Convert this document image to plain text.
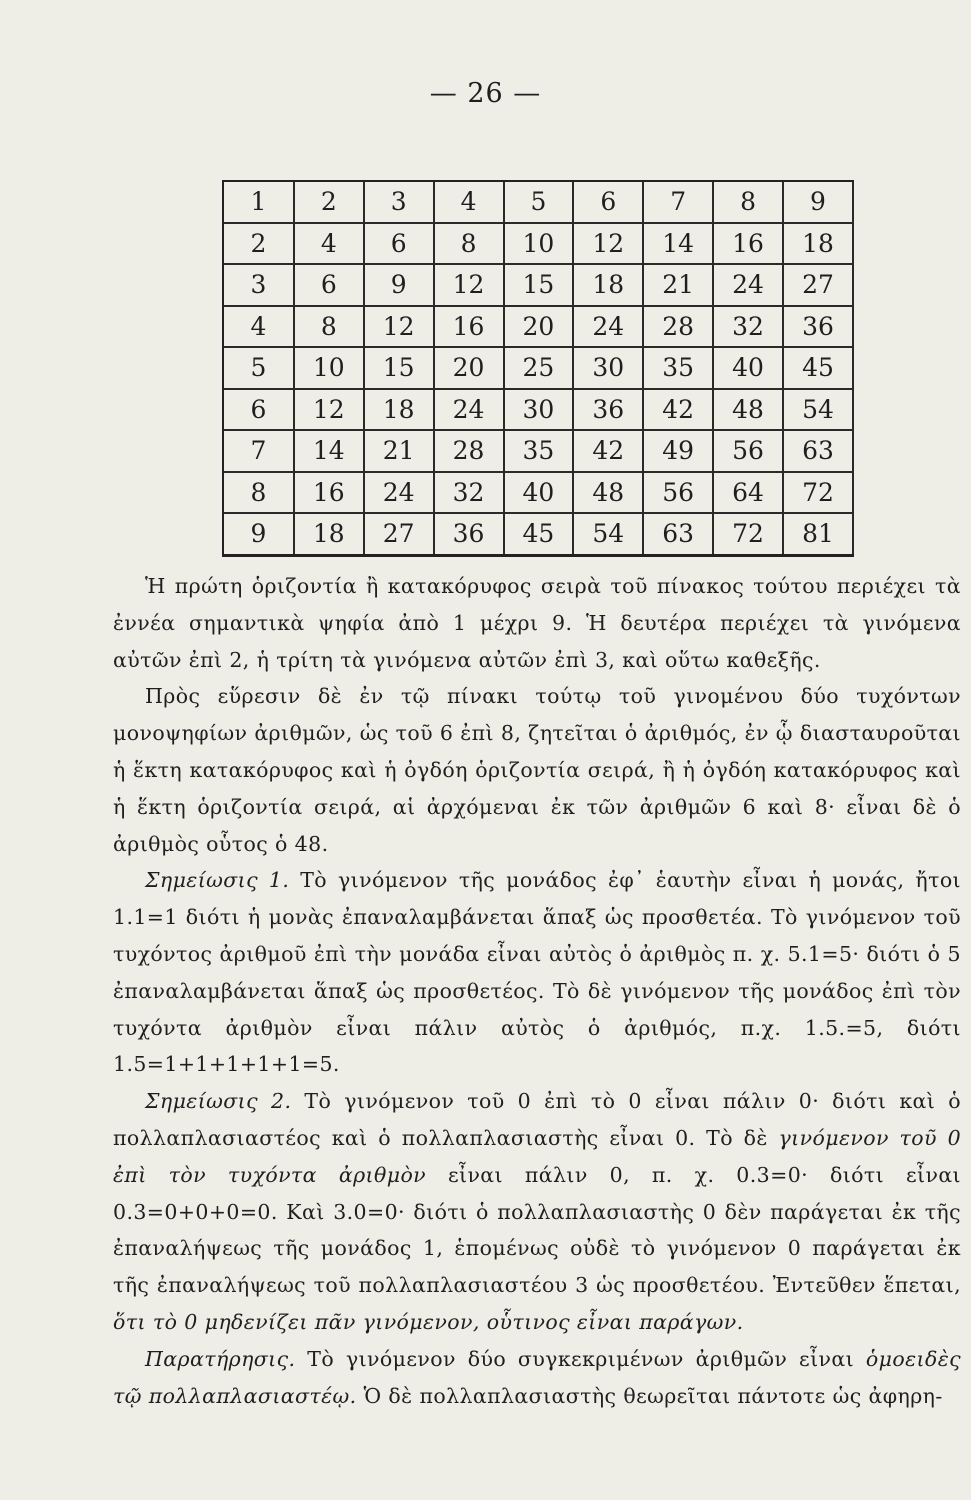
— 26 —
1	2	3	4	5	6	7	8	9
2	4	6	8	10	12	14	16	18
3	6	9	12	15	18	21	24	27
4	8	12	16	20	24	28	32	36
5	10	15	20	25	30	35	40	45
6	12	18	24	30	36	42	48	54
7	14	21	28	35	42	49	56	63
8	16	24	32	40	48	56	64	72
9	18	27	36	45	54	63	72	81

Ἡ πρώτη ὁριζοντία ἢ κατακόρυφος σειρὰ τοῦ πίνακος τούτου περιέχει τὰ ἐννέα σημαντικὰ ψηφία ἀπὸ 1 μέχρι 9. Ἡ δευτέρα περιέχει τὰ γινόμενα αὐτῶν ἐπὶ 2, ἡ τρίτη τὰ γινόμενα αὐτῶν ἐπὶ 3, καὶ οὕτω καθεξῆς.

Πρὸς εὕρεσιν δὲ ἐν τῷ πίνακι τούτῳ τοῦ γινομένου δύο τυχόντων μονοψηφίων ἀριθμῶν, ὡς τοῦ 6 ἐπὶ 8, ζητεῖται ὁ ἀριθμός, ἐν ᾧ διασταυροῦται ἡ ἕκτη κατακόρυφος καὶ ἡ ὀγδόη ὁριζοντία σειρά, ἢ ἡ ὀγδόη κατακόρυφος καὶ ἡ ἕκτη ὁριζοντία σειρά, αἱ ἀρχόμεναι ἐκ τῶν ἀριθμῶν 6 καὶ 8· εἶναι δὲ ὁ ἀριθμὸς οὗτος ὁ 48.

Σημείωσις 1. Τὸ γινόμενον τῆς μονάδος ἐφ᾽ ἑαυτὴν εἶναι ἡ μονάς, ἤτοι 1.1=1 διότι ἡ μονὰς ἐπαναλαμβάνεται ἅπαξ ὡς προσθετέα. Τὸ γινόμενον τοῦ τυχόντος ἀριθμοῦ ἐπὶ τὴν μονάδα εἶναι αὐτὸς ὁ ἀριθμὸς π. χ. 5.1=5· διότι ὁ 5 ἐπαναλαμβάνεται ἅπαξ ὡς προσθετέος. Τὸ δὲ γινόμενον τῆς μονάδος ἐπὶ τὸν τυχόντα ἀριθμὸν εἶναι πάλιν αὐτὸς ὁ ἀριθμός, π.χ. 1.5.=5, διότι 1.5=1+1+1+1+1=5.

Σημείωσις 2. Τὸ γινόμενον τοῦ 0 ἐπὶ τὸ 0 εἶναι πάλιν 0· διότι καὶ ὁ πολλαπλασιαστέος καὶ ὁ πολλαπλασιαστὴς εἶναι 0. Τὸ δὲ γινόμενον τοῦ 0 ἐπὶ τὸν τυχόντα ἀριθμὸν εἶναι πάλιν 0, π. χ. 0.3=0· διότι εἶναι 0.3=0+0+0=0. Καὶ 3.0=0· διότι ὁ πολλαπλασιαστὴς 0 δὲν παράγεται ἐκ τῆς ἐπαναλήψεως τῆς μονάδος 1, ἑπομένως οὐδὲ τὸ γινόμενον 0 παράγεται ἐκ τῆς ἐπαναλήψεως τοῦ πολλαπλασιαστέου 3 ὡς προσθετέου. Ἐντεῦθεν ἕπεται, ὅτι τὸ 0 μηδενίζει πᾶν γινόμενον, οὗτινος εἶναι παράγων.

Παρατήρησις. Τὸ γινόμενον δύο συγκεκριμένων ἀριθμῶν εἶναι ὁμοειδὲς τῷ πολλαπλασιαστέῳ. Ὁ δὲ πολλαπλασιαστὴς θεωρεῖται πάντοτε ὡς ἀφηρη-
